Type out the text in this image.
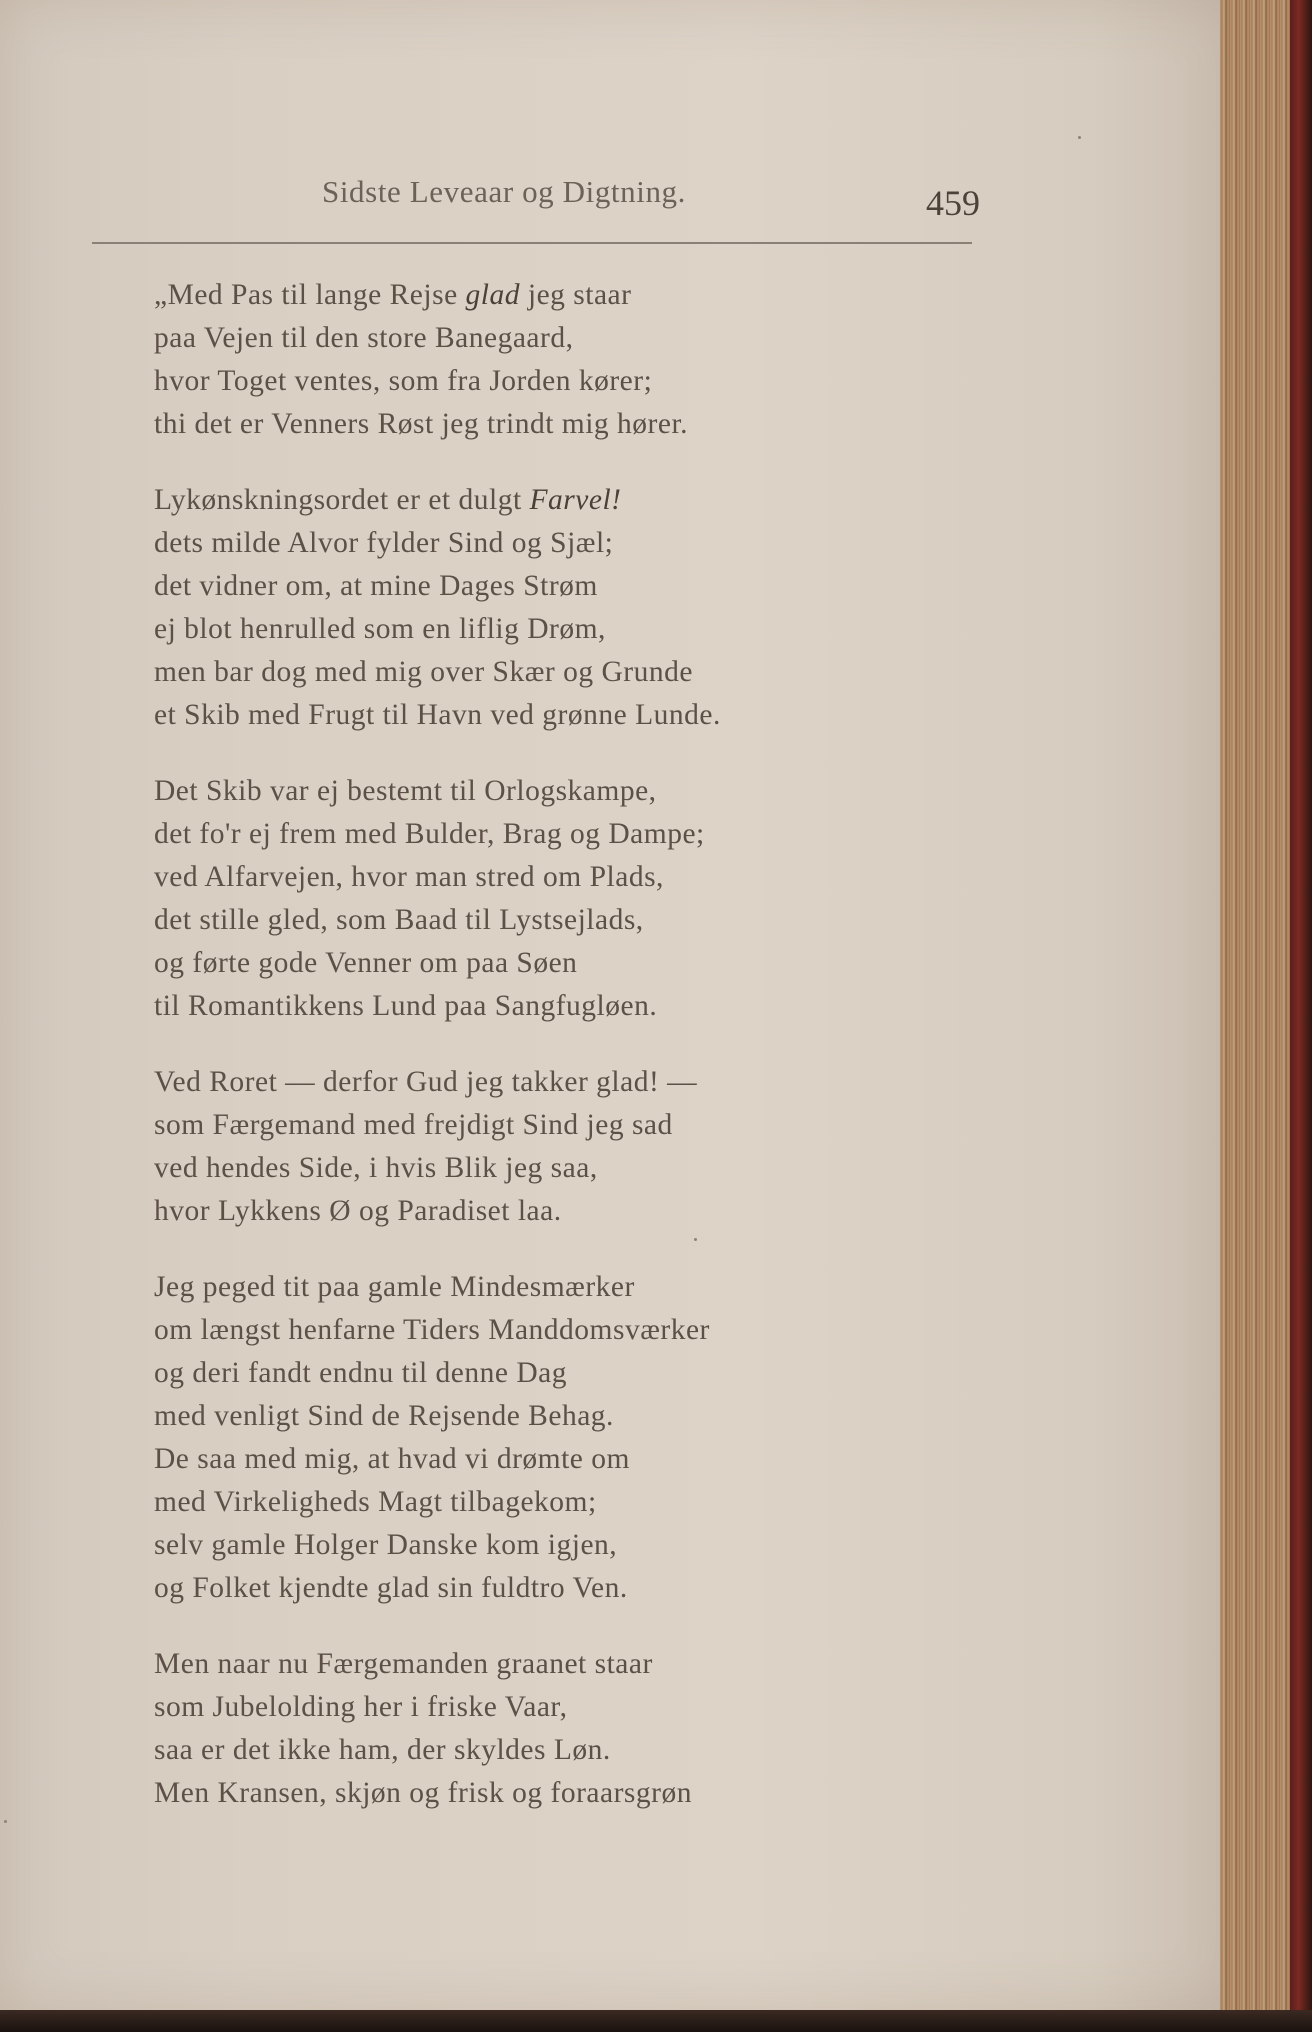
Sidste Leveaar og Digtning.	459
„Med Pas til lange Rejse glad jeg staar
paa Vejen til den store Banegaard,
hvor Toget ventes, som fra Jorden kører;
thi det er Venners Røst jeg trindt mig hører.
Lykønskningsordet er et dulgt Farvel!
dets milde Alvor fylder Sind og Sjæl;
det vidner om, at mine Dages Strøm
ej blot henrulled som en liflig Drøm,
men bar dog med mig over Skær og Grunde
et Skib med Frugt til Havn ved grønne Lunde.
Det Skib var ej bestemt til Orlogskampe,
det fo'r ej frem med Bulder, Brag og Dampe;
ved Alfarvejen, hvor man stred om Plads,
det stille gled, som Baad til Lystsejlads,
og førte gode Venner om paa Søen
til Romantikkens Lund paa Sangfugløen.
Ved Roret — derfor Gud jeg takker glad! —
som Færgemand med frejdigt Sind jeg sad
ved hendes Side, i hvis Blik jeg saa,
hvor Lykkens Ø og Paradiset laa.
Jeg peged tit paa gamle Mindesmærker
om længst henfarne Tiders Manddomsværker
og deri fandt endnu til denne Dag
med venligt Sind de Rejsende Behag.
De saa med mig, at hvad vi drømte om
med Virkeligheds Magt tilbagekom;
selv gamle Holger Danske kom igjen,
og Folket kjendte glad sin fuldtro Ven.
Men naar nu Færgemanden graanet staar
som Jubelolding her i friske Vaar,
saa er det ikke ham, der skyldes Løn.
Men Kransen, skjøn og frisk og foraarsgrøn
